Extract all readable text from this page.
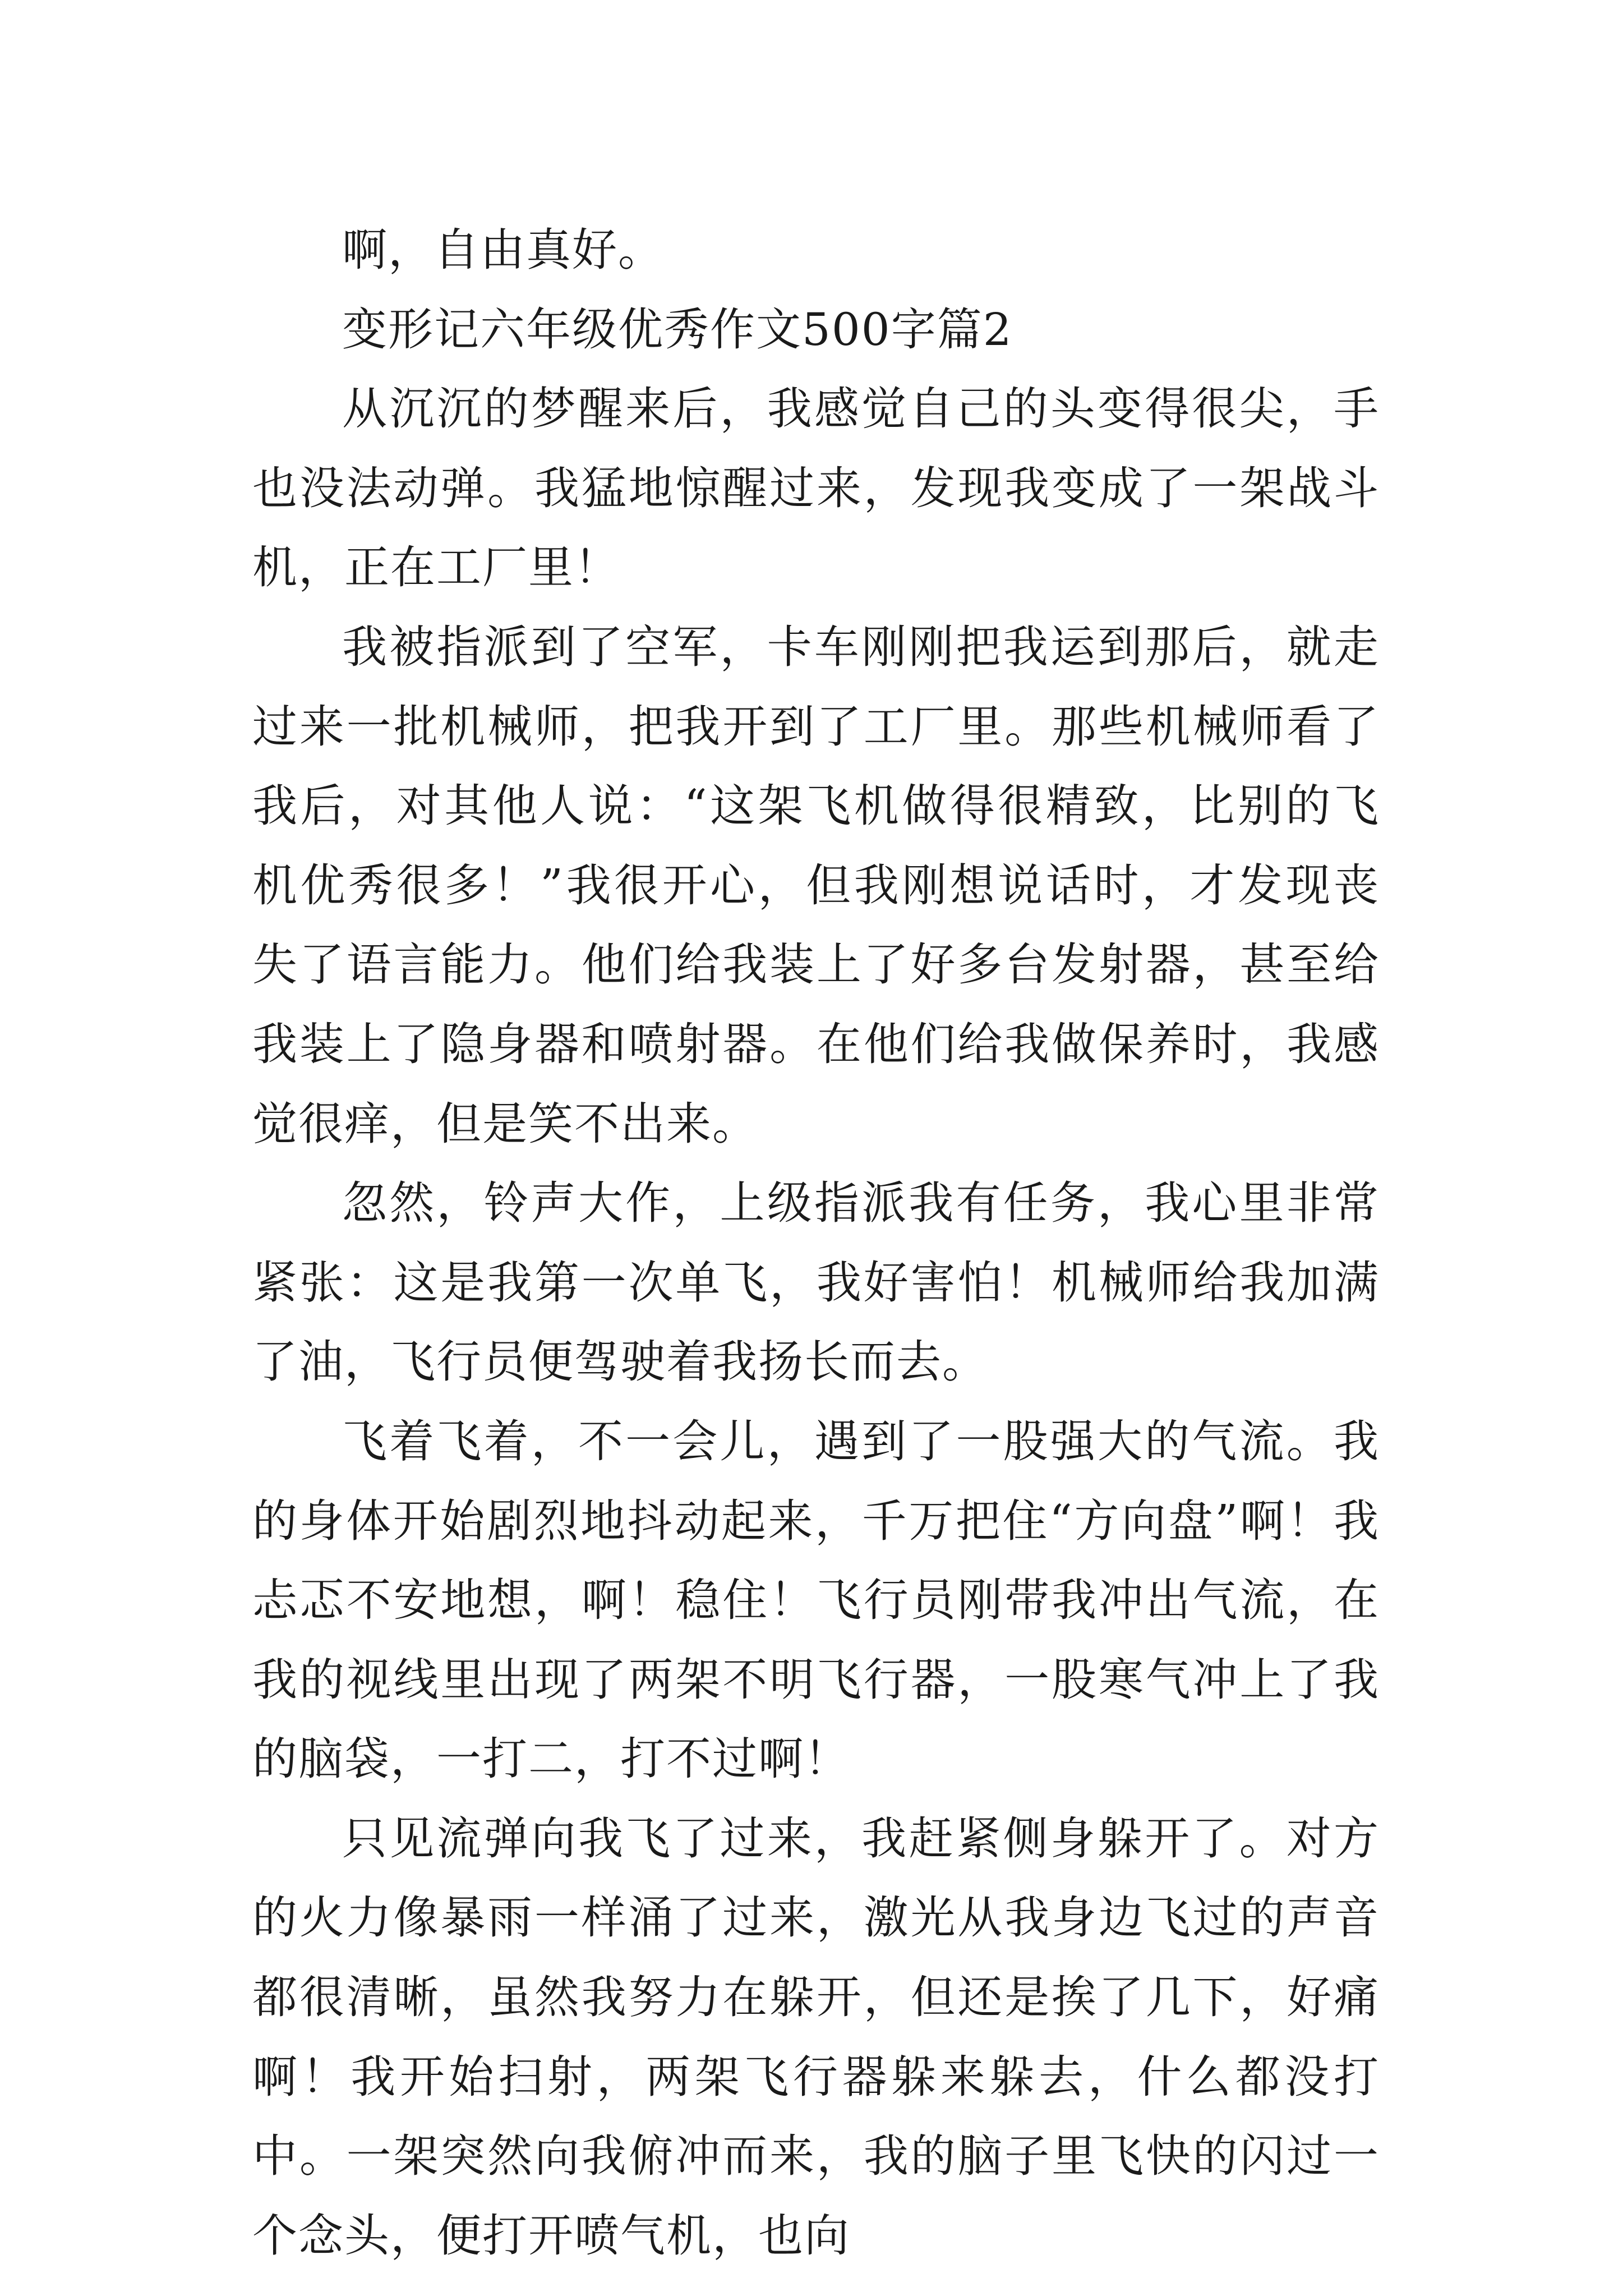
啊，自由真好。

变形记六年级优秀作文500字篇2

从沉沉的梦醒来后，我感觉自己的头变得很尖，手也没法动弹。我猛地惊醒过来，发现我变成了一架战斗机，正在工厂里！

我被指派到了空军，卡车刚刚把我运到那后，就走过来一批机械师，把我开到了工厂里。那些机械师看了我后，对其他人说：“这架飞机做得很精致，比别的飞机优秀很多！”我很开心，但我刚想说话时，才发现丧失了语言能力。他们给我装上了好多台发射器，甚至给我装上了隐身器和喷射器。在他们给我做保养时，我感觉很痒，但是笑不出来。

忽然，铃声大作，上级指派我有任务，我心里非常紧张：这是我第一次单飞，我好害怕！机械师给我加满了油，飞行员便驾驶着我扬长而去。

飞着飞着，不一会儿，遇到了一股强大的气流。我的身体开始剧烈地抖动起来，千万把住“方向盘”啊！我忐忑不安地想，啊！稳住！飞行员刚带我冲出气流，在我的视线里出现了两架不明飞行器，一股寒气冲上了我的脑袋，一打二，打不过啊！

只见流弹向我飞了过来，我赶紧侧身躲开了。对方的火力像暴雨一样涌了过来，激光从我身边飞过的声音都很清晰，虽然我努力在躲开，但还是挨了几下，好痛啊！我开始扫射，两架飞行器躲来躲去，什么都没打中。一架突然向我俯冲而来，我的脑子里飞快的闪过一个念头，便打开喷气机，也向
